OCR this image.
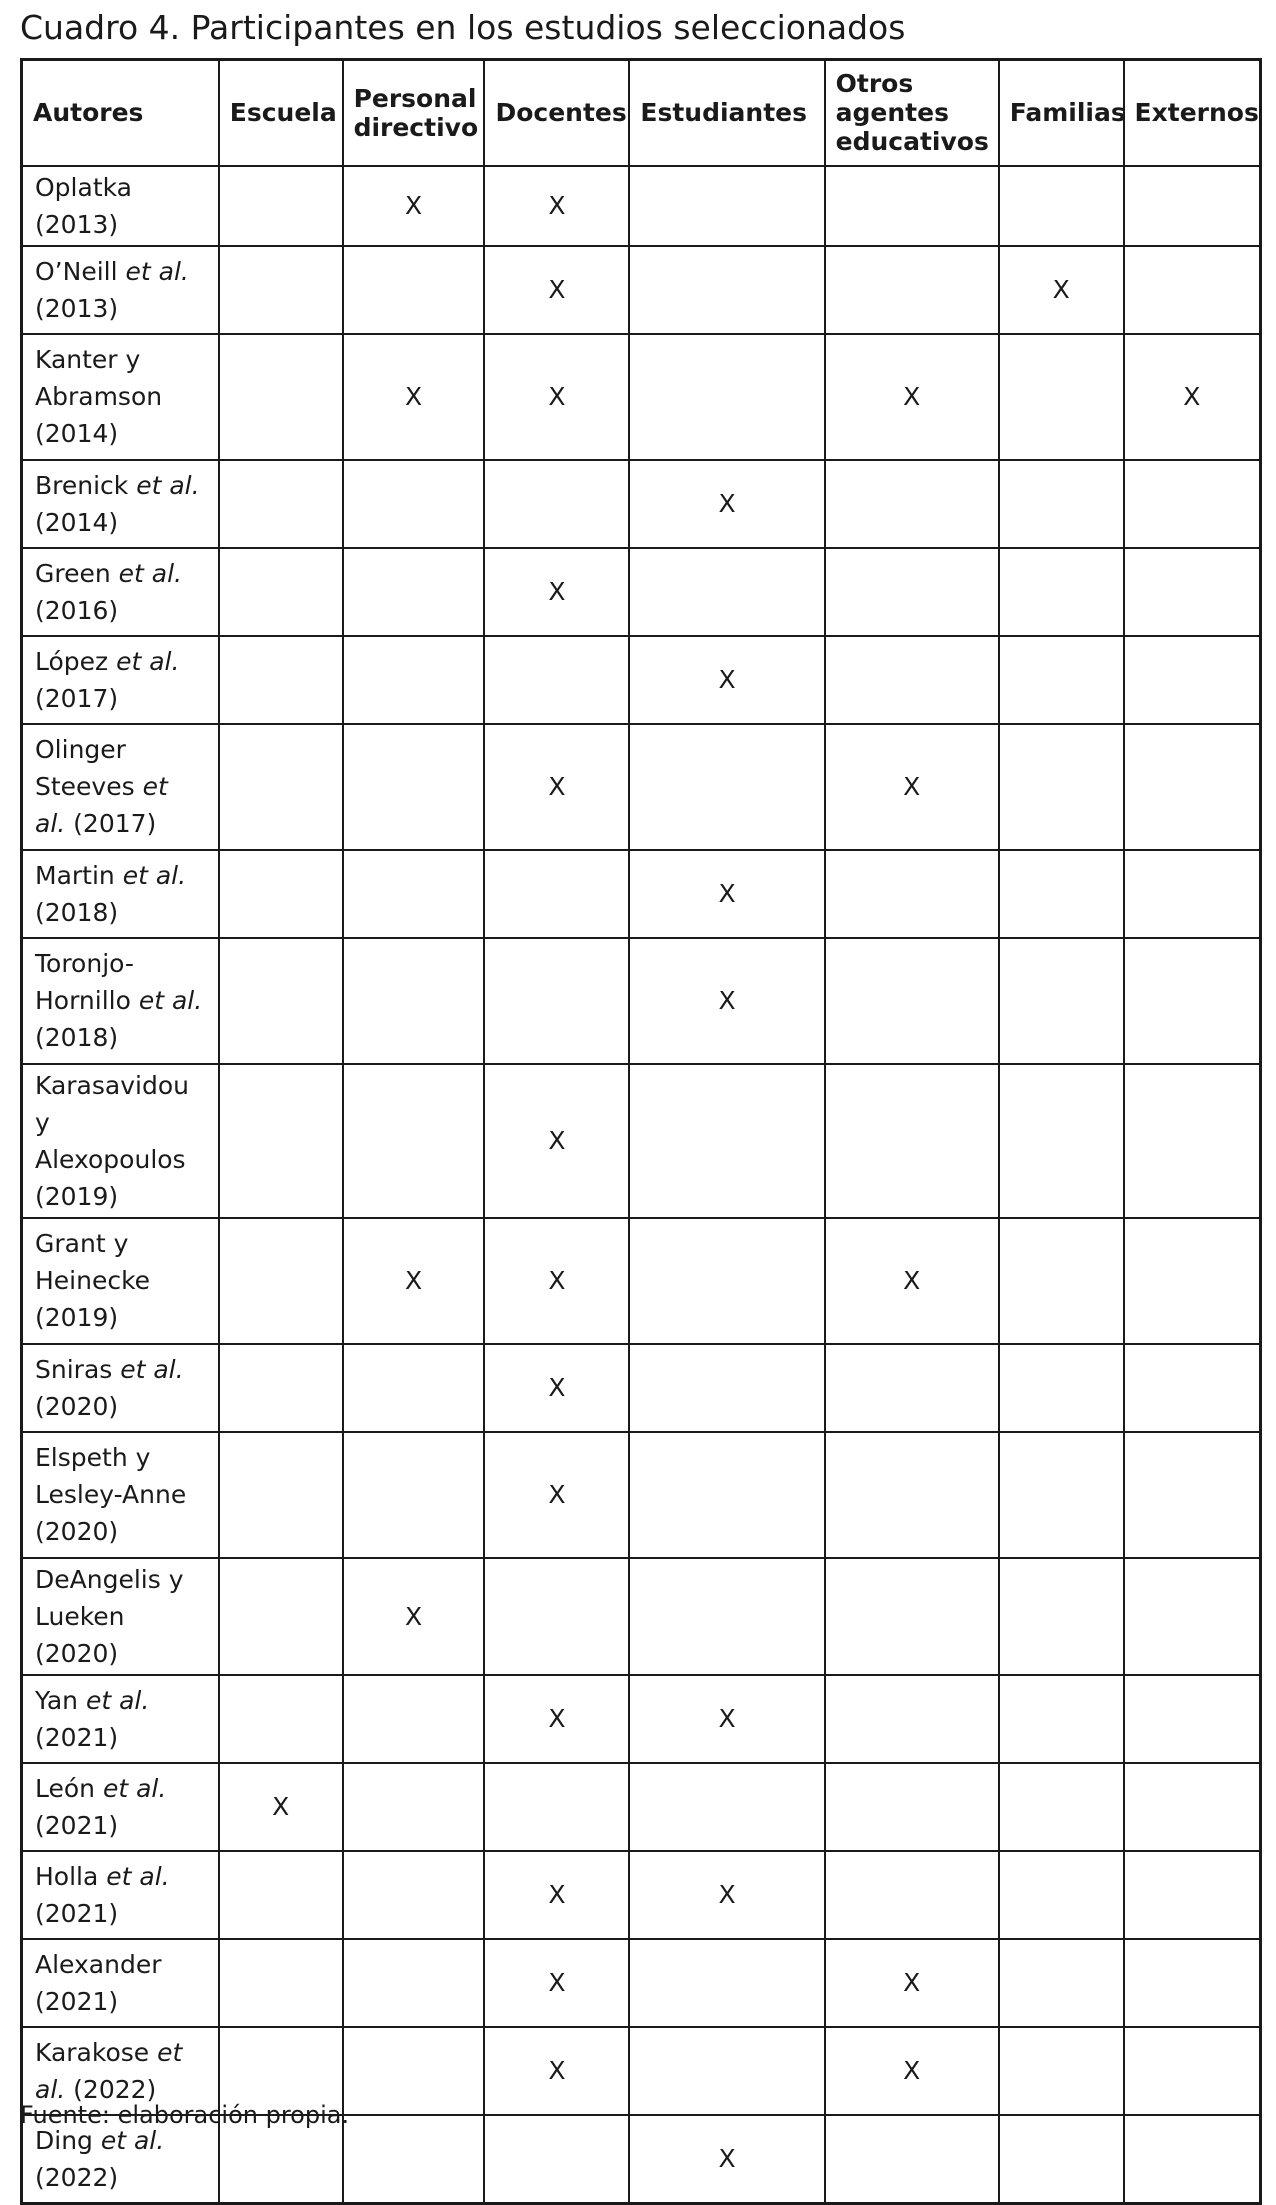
Cuadro 4. Participantes en los estudios seleccionados
Autores	Escuela	Personal directivo	Docentes	Estudiantes	Otros agentes educativos	Familias	Externos
Oplatka (2013)		X	X				
O’Neill et al. (2013)			X			X	
Kanter y Abramson (2014)		X	X		X		X
Brenick et al. (2014)				X			
Green et al. (2016)			X				
López et al. (2017)				X			
Olinger Steeves et al. (2017)			X		X		
Martin et al. (2018)				X			
Toronjo-Hornillo et al. (2018)				X			
Karasavidou y Alexopoulos (2019)			X				
Grant y Heinecke (2019)		X	X		X		
Sniras et al. (2020)			X				
Elspeth y Lesley-Anne (2020)			X				
DeAngelis y Lueken (2020)		X					
Yan et al. (2021)			X	X			
León et al. (2021)	X						
Holla et al. (2021)			X	X			
Alexander (2021)			X		X		
Karakose et al. (2022)			X		X		
Ding et al. (2022)				X			

Fuente: elaboración propia.
